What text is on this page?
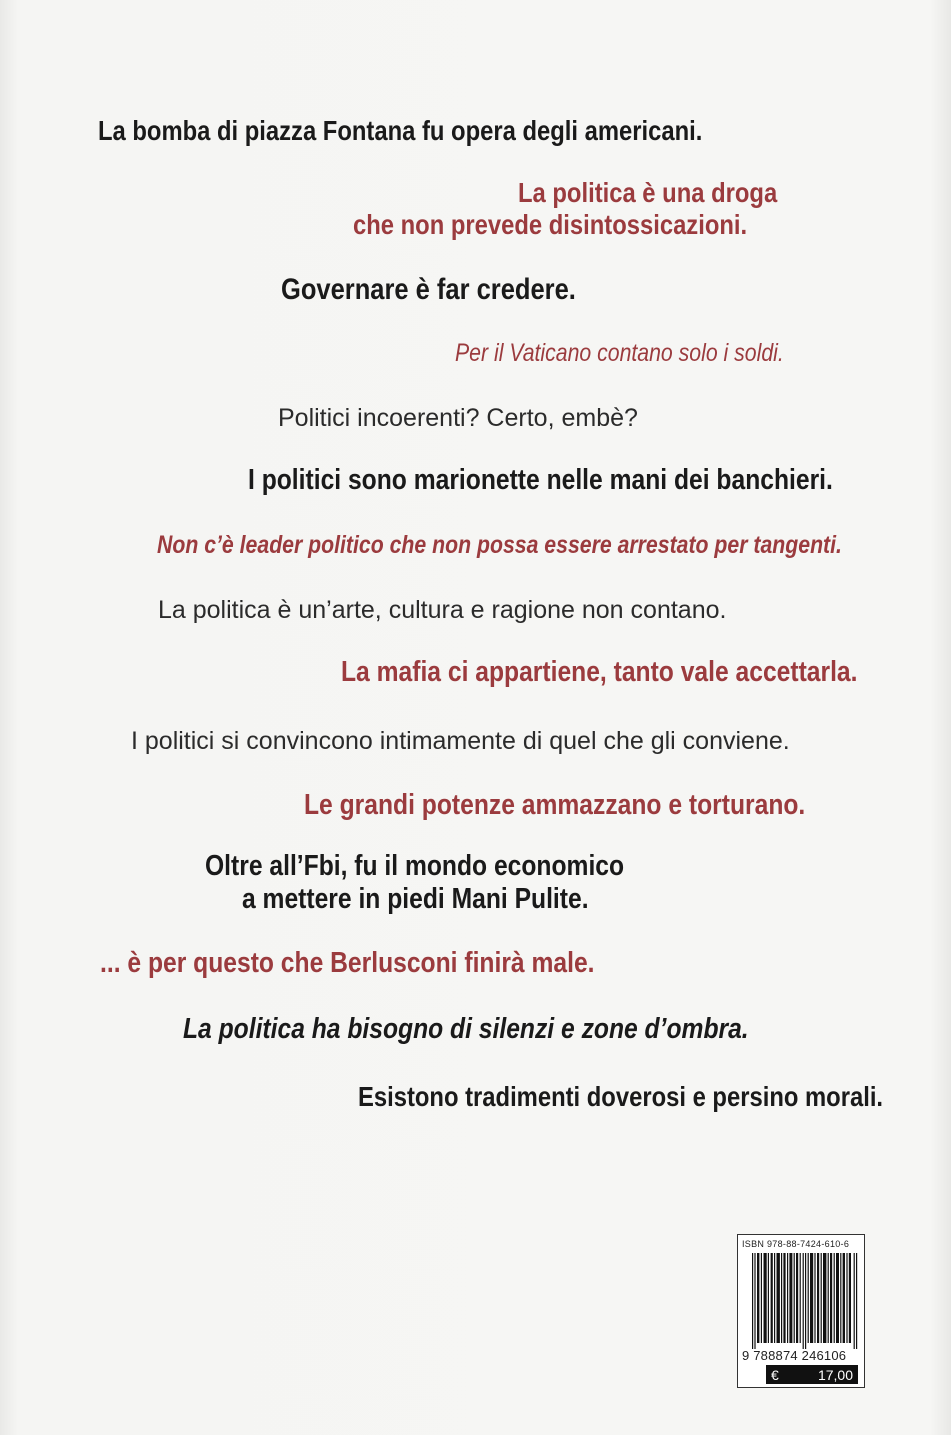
La bomba di piazza Fontana fu opera degli americani.
La politica è una droga
che non prevede disintossicazioni.
Governare è far credere.
Per il Vaticano contano solo i soldi.
Politici incoerenti? Certo, embè?
I politici sono marionette nelle mani dei banchieri.
Non c’è leader politico che non possa essere arrestato per tangenti.
La politica è un’arte, cultura e ragione non contano.
La mafia ci appartiene, tanto vale accettarla.
I politici si convincono intimamente di quel che gli conviene.
Le grandi potenze ammazzano e torturano.
Oltre all’Fbi, fu il mondo economico
a mettere in piedi Mani Pulite.
... è per questo che Berlusconi finirà male.
La politica ha bisogno di silenzi e zone d’ombra.
Esistono tradimenti doverosi e persino morali.
ISBN 978-88-7424-610-6
9 788874 246106
€	17,00
